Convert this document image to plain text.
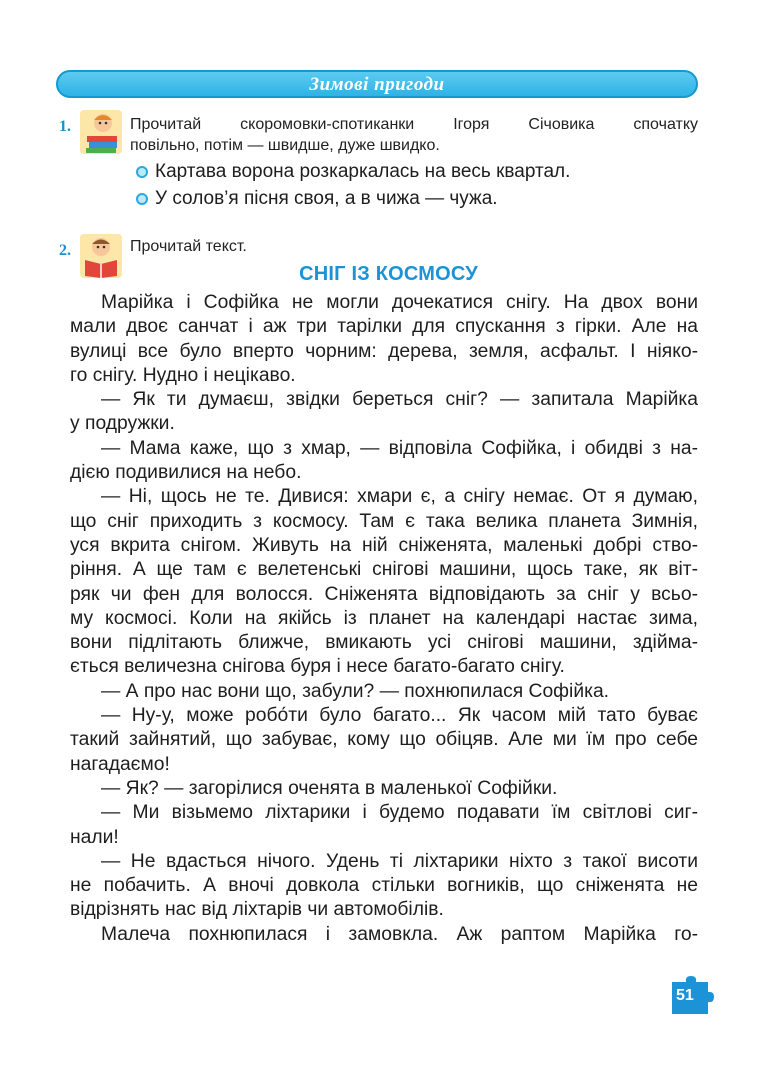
Зимові пригоди
1.	Прочитай скоромовки-спотиканки Ігоря Січовика спочатку
повільно, потім — швидше, дуже швидко.
Картава ворона розкаркалась на весь квартал.
У солов’я пісня своя, а в чижа — чужа.
2.	Прочитай текст.
СНІГ ІЗ КОСМОСУ
Марійка і Софійка не могли дочекатися снігу. На двох вони
мали двоє санчат і аж три тарілки для спускання з гірки. Але на
вулиці все було вперто чорним: дерева, земля, асфальт. І ніяко-
го снігу. Нудно і нецікаво.
— Як ти думаєш, звідки береться сніг? — запитала Марійка
у подружки.
— Мама каже, що з хмар, — відповіла Софійка, і обидві з на-
дією подивилися на небо.
— Ні, щось не те. Дивися: хмари є, а снігу немає. От я думаю,
що сніг приходить з космосу. Там є така велика планета Зимнія,
уся вкрита снігом. Живуть на ній сніженята, маленькі добрі ство-
ріння. А ще там є велетенські снігові машини, щось таке, як віт-
ряк чи фен для волосся. Сніженята відповідають за сніг у всьо-
му космосі. Коли на якійсь із планет на календарі настає зима,
вони підлітають ближче, вмикають усі снігові машини, здійма-
ється величезна снігова буря і несе багато-багато снігу.
— А про нас вони що, забули? — похнюпилася Софійка.
— Ну-у, може робо́ти було багато... Як часом мій тато буває
такий зайнятий, що забуває, кому що обіцяв. Але ми їм про себе
нагадаємо!
— Як? — загорілися оченята в маленької Софійки.
— Ми візьмемо ліхтарики і будемо подавати їм світлові сиг-
нали!
— Не вдасться нічого. Удень ті ліхтарики ніхто з такої висоти
не побачить. А вночі довкола стільки вогників, що сніженята не
відрізнять нас від ліхтарів чи автомобілів.
Малеча похнюпилася і замовкла. Аж раптом Марійка го-
51
